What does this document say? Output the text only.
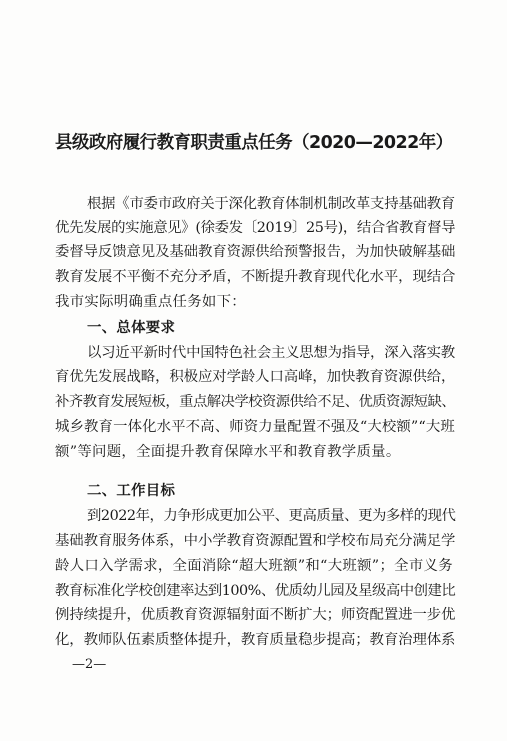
县级政府履行教育职责重点任务（2020—2022年）
根据《市委市政府关于深化教育体制机制改革支持基础教育
优先发展的实施意见》(徐委发〔2019〕25号)，结合省教育督导
委督导反馈意见及基础教育资源供给预警报告，为加快破解基础
教育发展不平衡不充分矛盾，不断提升教育现代化水平，现结合
我市实际明确重点任务如下：
一、总体要求
以习近平新时代中国特色社会主义思想为指导，深入落实教
育优先发展战略，积极应对学龄人口高峰，加快教育资源供给，
补齐教育发展短板，重点解决学校资源供给不足、优质资源短缺、
城乡教育一体化水平不高、师资力量配置不强及“大校额”“大班
额”等问题，全面提升教育保障水平和教育教学质量。
二、工作目标
到2022年，力争形成更加公平、更高质量、更为多样的现代
基础教育服务体系，中小学教育资源配置和学校布局充分满足学
龄人口入学需求，全面消除“超大班额”和“大班额”；全市义务
教育标准化学校创建率达到100%、优质幼儿园及星级高中创建比
例持续提升，优质教育资源辐射面不断扩大；师资配置进一步优
化，教师队伍素质整体提升，教育质量稳步提高；教育治理体系
—2—
